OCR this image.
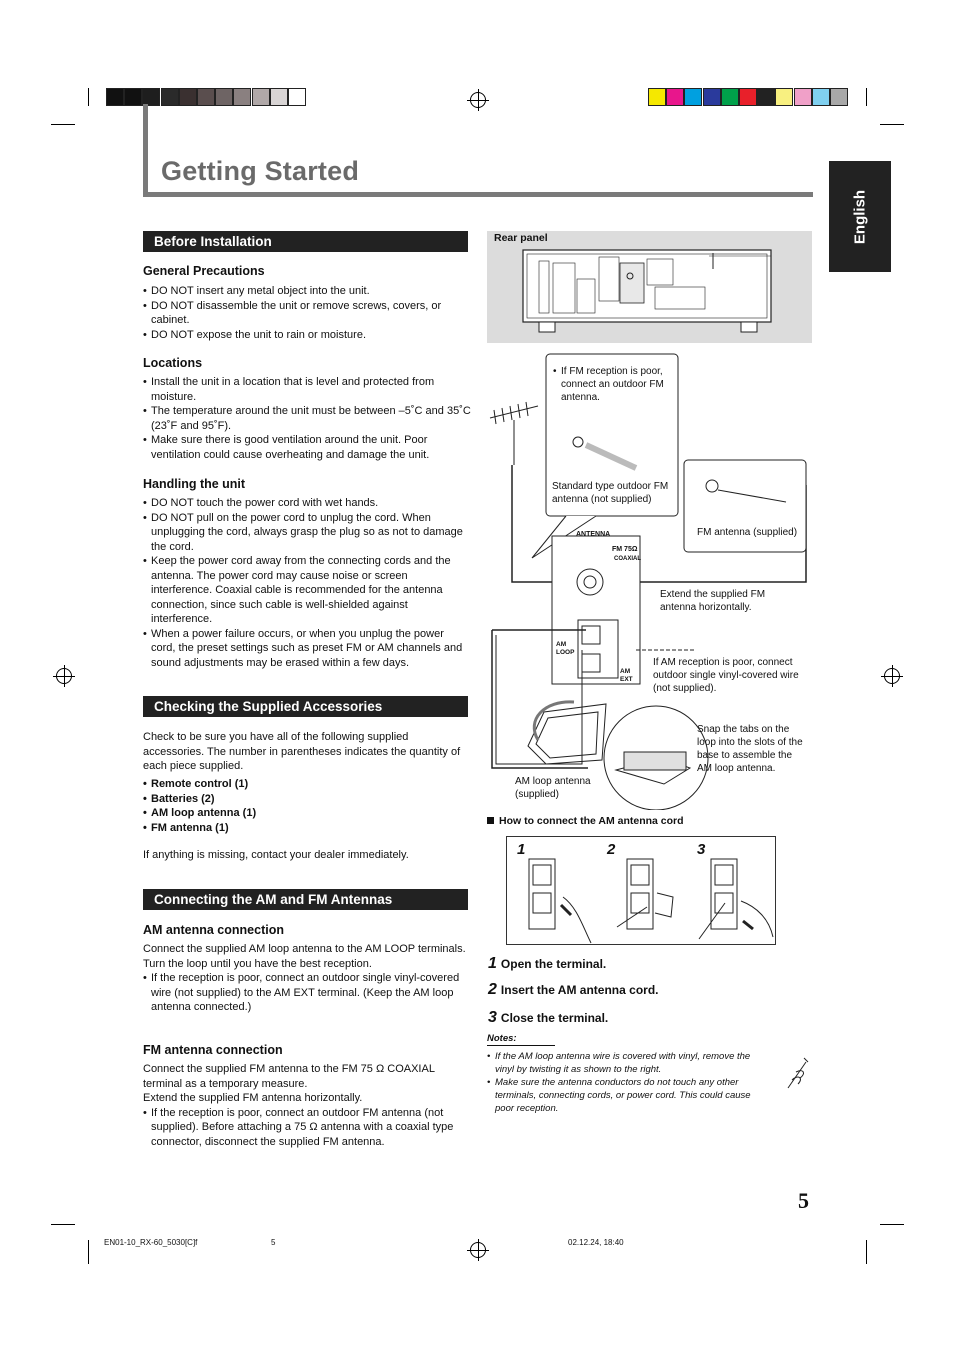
Getting Started
English
Before Installation
General Precautions
• DO NOT insert any metal object into the unit.
• DO NOT disassemble the unit or remove screws, covers, or cabinet.
• DO NOT expose the unit to rain or moisture.
Locations
• Install the unit in a location that is level and protected from moisture.
• The temperature around the unit must be between –5˚C and 35˚C (23˚F and 95˚F).
• Make sure there is good ventilation around the unit. Poor ventilation could cause overheating and damage the unit.
Handling the unit
• DO NOT touch the power cord with wet hands.
• DO NOT pull on the power cord to unplug the cord. When unplugging the cord, always grasp the plug so as not to damage the cord.
• Keep the power cord away from the connecting cords and the antenna. The power cord may cause noise or screen interference. Coaxial cable is recommended for the antenna connection, since such cable is well-shielded against interference.
• When a power failure occurs, or when you unplug the power cord, the preset settings such as preset FM or AM channels and sound adjustments may be erased within a few days.
Checking the Supplied Accessories
Check to be sure you have all of the following supplied accessories. The number in parentheses indicates the quantity of each piece supplied.
• Remote control (1)
• Batteries (2)
• AM loop antenna (1)
• FM antenna (1)
If anything is missing, contact your dealer immediately.
Connecting the AM and FM Antennas
AM antenna connection

Connect the supplied AM loop antenna to the AM LOOP terminals.

Turn the loop until you have the best reception.

• If the reception is poor, connect an outdoor single vinyl-covered wire (not supplied) to the AM EXT terminal. (Keep the AM loop antenna connected.)
FM antenna connection

Connect the supplied FM antenna to the FM 75 Ω COAXIAL terminal as a temporary measure.

Extend the supplied FM antenna horizontally.

• If the reception is poor, connect an outdoor FM antenna (not supplied). Before attaching a 75 Ω antenna with a coaxial type connector, disconnect the supplied FM antenna.
Rear panel
• If FM reception is poor, connect an outdoor FM antenna.
Standard type outdoor FM antenna (not supplied)
FM antenna (supplied)
ANTENNA
FM 75Ω
COAXIAL
Extend the supplied FM antenna horizontally.
AM LOOP
AM EXT
If AM reception is poor, connect outdoor single vinyl-covered wire (not supplied).
Snap the tabs on the loop into the slots of the base to assemble the AM loop antenna.
AM loop antenna (supplied)
How to connect the AM antenna cord
1	2	3
1 Open the terminal.
2 Insert the AM antenna cord.
3 Close the terminal.
Notes:
• If the AM loop antenna wire is covered with vinyl, remove the vinyl by twisting it as shown to the right.
• Make sure the antenna conductors do not touch any other terminals, connecting cords, or power cord. This could cause poor reception.
5
EN01-10_RX-60_5030[C]f	5	02.12.24, 18:40
